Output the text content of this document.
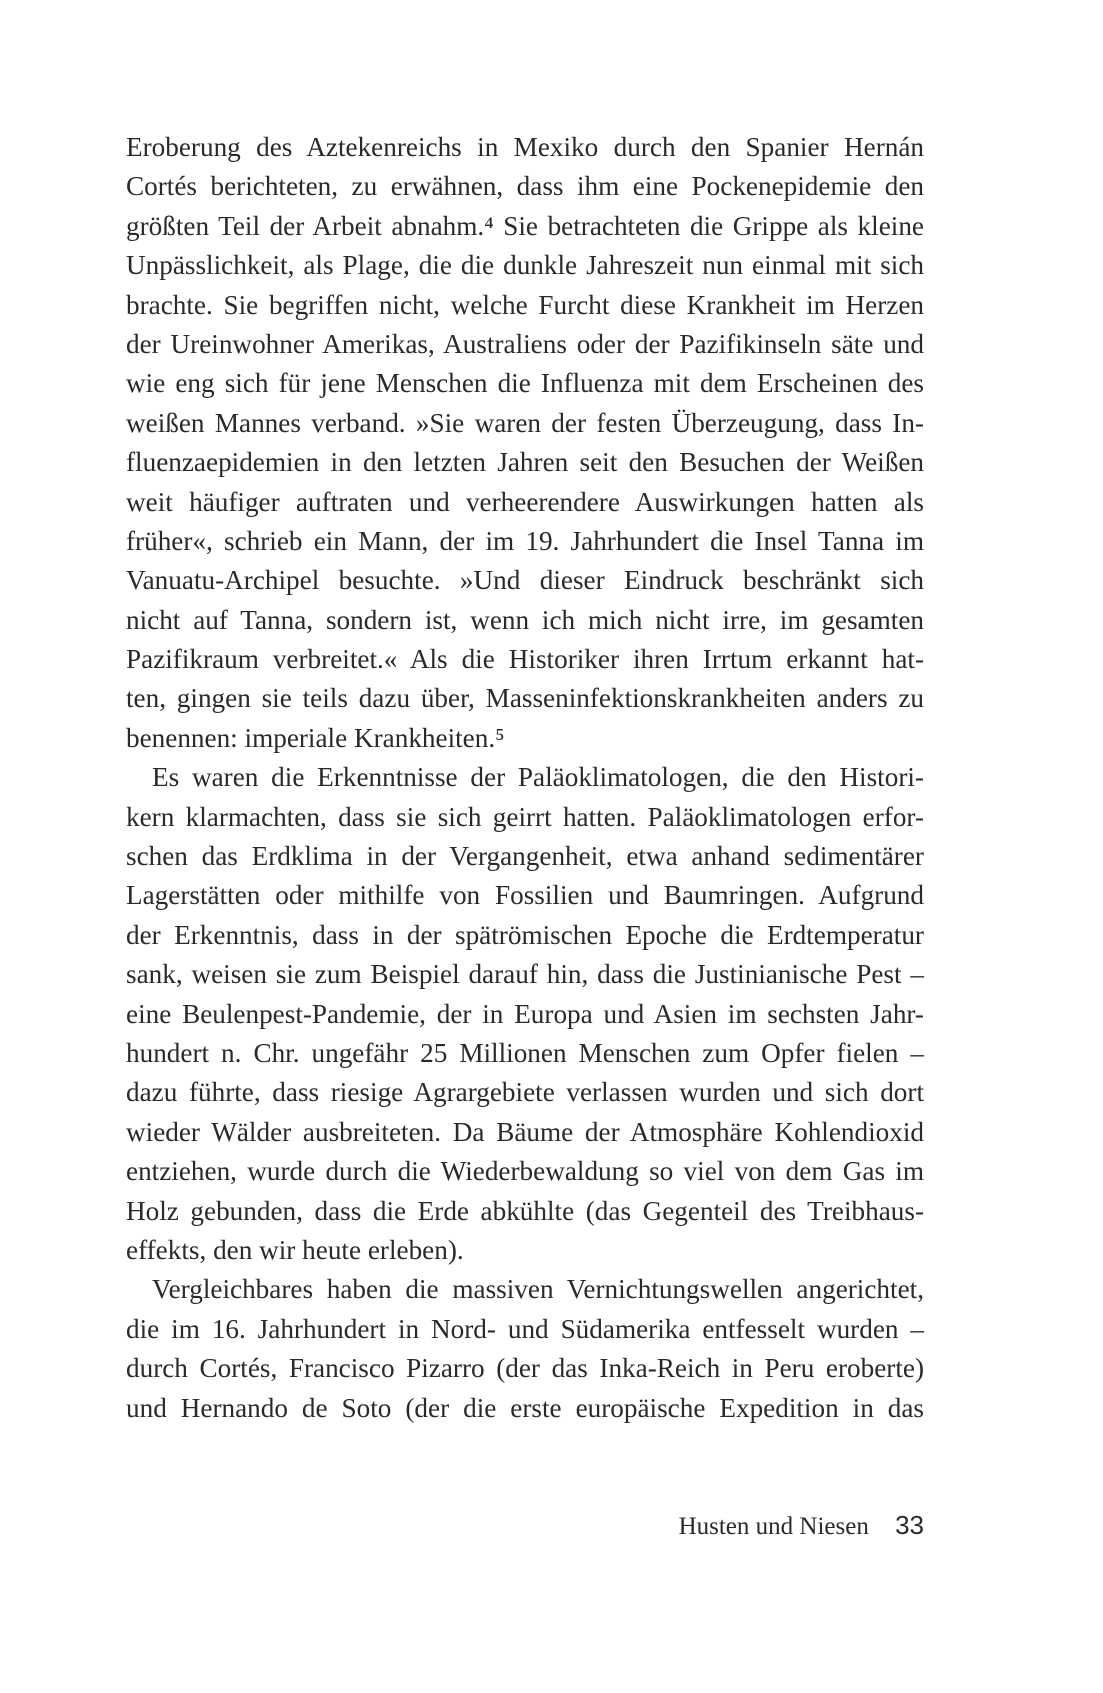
Eroberung des Aztekenreichs in Mexiko durch den Spanier Hernán
Cortés berichteten, zu erwähnen, dass ihm eine Pockenepidemie den
größten Teil der Arbeit abnahm.⁴ Sie betrachteten die Grippe als kleine
Unpässlichkeit, als Plage, die die dunkle Jahreszeit nun einmal mit sich
brachte. Sie begriffen nicht, welche Furcht diese Krankheit im Herzen
der Ureinwohner Amerikas, Australiens oder der Pazifikinseln säte und
wie eng sich für jene Menschen die Influenza mit dem Erscheinen des
weißen Mannes verband. »Sie waren der festen Überzeugung, dass In-
fluenzaepidemien in den letzten Jahren seit den Besuchen der Weißen
weit häufiger auftraten und verheerendere Auswirkungen hatten als
früher«, schrieb ein Mann, der im 19. Jahrhundert die Insel Tanna im
Vanuatu-Archipel besuchte. »Und dieser Eindruck beschränkt sich
nicht auf Tanna, sondern ist, wenn ich mich nicht irre, im gesamten
Pazifikraum verbreitet.« Als die Historiker ihren Irrtum erkannt hat-
ten, gingen sie teils dazu über, Masseninfektionskrankheiten anders zu
benennen: imperiale Krankheiten.⁵
Es waren die Erkenntnisse der Paläoklimatologen, die den Histori-
kern klarmachten, dass sie sich geirrt hatten. Paläoklimatologen erfor-
schen das Erdklima in der Vergangenheit, etwa anhand sedimentärer
Lagerstätten oder mithilfe von Fossilien und Baumringen. Aufgrund
der Erkenntnis, dass in der spätrömischen Epoche die Erdtemperatur
sank, weisen sie zum Beispiel darauf hin, dass die Justinianische Pest –
eine Beulenpest-Pandemie, der in Europa und Asien im sechsten Jahr-
hundert n. Chr. ungefähr 25 Millionen Menschen zum Opfer fielen –
dazu führte, dass riesige Agrargebiete verlassen wurden und sich dort
wieder Wälder ausbreiteten. Da Bäume der Atmosphäre Kohlendioxid
entziehen, wurde durch die Wiederbewaldung so viel von dem Gas im
Holz gebunden, dass die Erde abkühlte (das Gegenteil des Treibhaus-
effekts, den wir heute erleben).
Vergleichbares haben die massiven Vernichtungswellen angerichtet,
die im 16. Jahrhundert in Nord- und Südamerika entfesselt wurden –
durch Cortés, Francisco Pizarro (der das Inka-Reich in Peru eroberte)
und Hernando de Soto (der die erste europäische Expedition in das
Husten und Niesen 33
